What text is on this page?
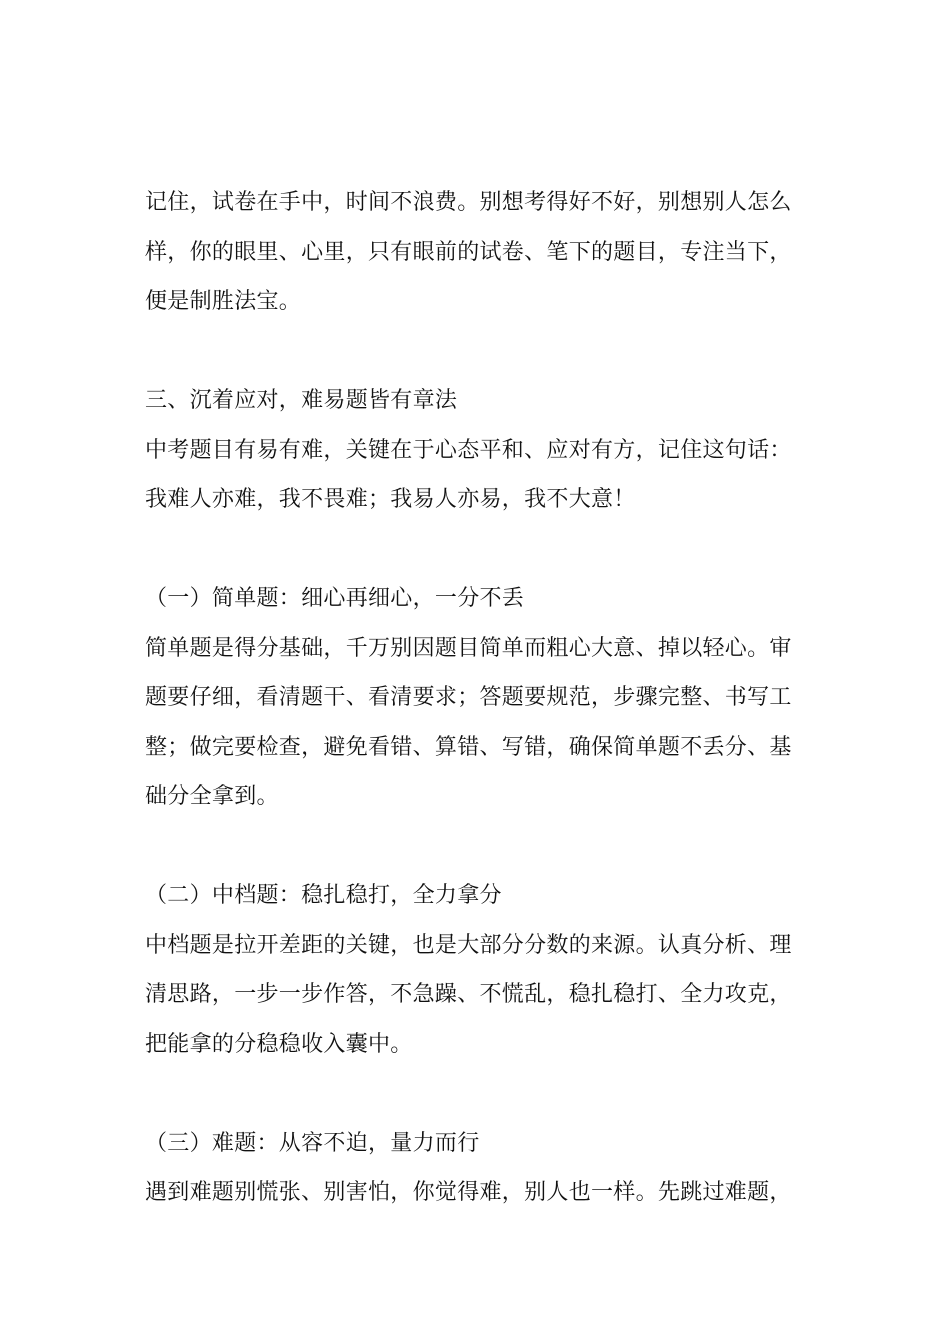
记住，试卷在手中，时间不浪费。别想考得好不好，别想别人怎么
样，你的眼里、心里，只有眼前的试卷、笔下的题目，专注当下，
便是制胜法宝。

三、沉着应对，难易题皆有章法

中考题目有易有难，关键在于心态平和、应对有方，记住这句话：
我难人亦难，我不畏难；我易人亦易，我不大意！

（一）简单题：细心再细心，一分不丢

简单题是得分基础，千万别因题目简单而粗心大意、掉以轻心。审
题要仔细，看清题干、看清要求；答题要规范，步骤完整、书写工
整；做完要检查，避免看错、算错、写错，确保简单题不丢分、基
础分全拿到。

（二）中档题：稳扎稳打，全力拿分

中档题是拉开差距的关键，也是大部分分数的来源。认真分析、理
清思路，一步一步作答，不急躁、不慌乱，稳扎稳打、全力攻克，
把能拿的分稳稳收入囊中。

（三）难题：从容不迫，量力而行

遇到难题别慌张、别害怕，你觉得难，别人也一样。先跳过难题，
